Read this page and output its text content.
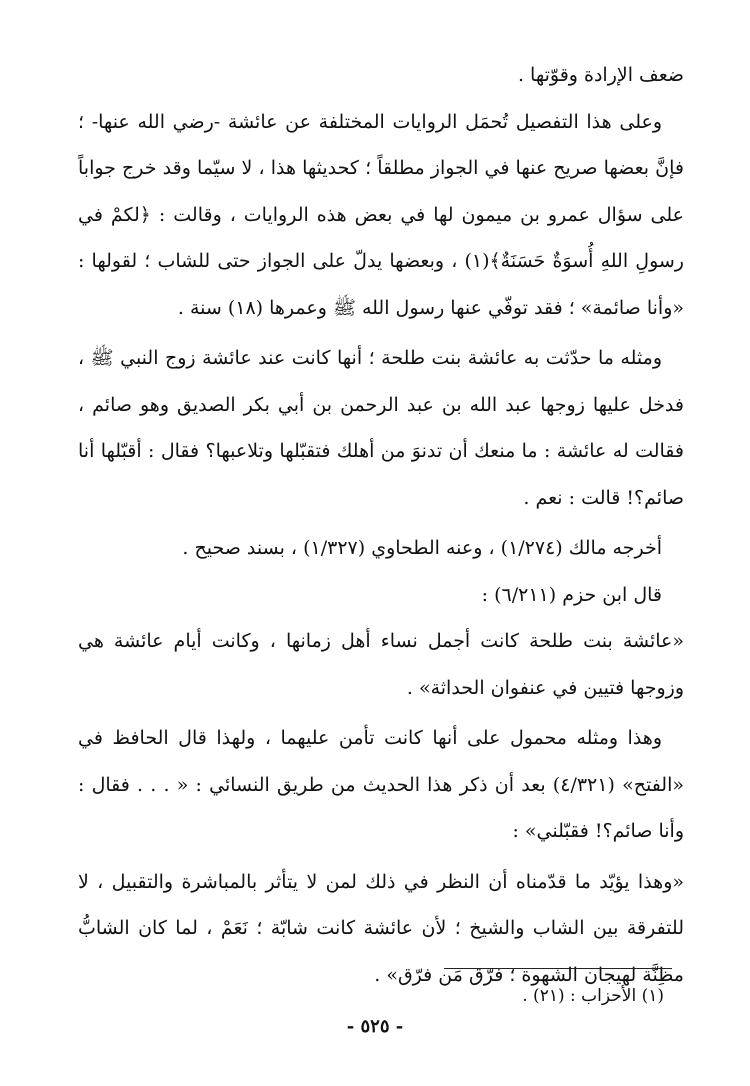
ضعف الإرادة وقوّتها .

وعلى هذا التفصيل تُحمَل الروايات المختلفة عن عائشة -رضي الله عنها- ؛ فإنَّ بعضها صريح عنها في الجواز مطلقاً ؛ كحديثها هذا ، لا سيّما وقد خرج جواباً على سؤال عمرو بن ميمون لها في بعض هذه الروايات ، وقالت : ﴿لكمْ في رسولِ اللهِ أُسوَةٌ حَسَنَةٌ﴾(١) ، وبعضها يدلّ على الجواز حتى للشاب ؛ لقولها : «وأنا صائمة» ؛ فقد توفّي عنها رسول الله ﷺ وعمرها (١٨) سنة .

ومثله ما حدّثت به عائشة بنت طلحة ؛ أنها كانت عند عائشة زوج النبي ﷺ ، فدخل عليها زوجها عبد الله بن عبد الرحمن بن أبي بكر الصديق وهو صائم ، فقالت له عائشة : ما منعك أن تدنوَ من أهلك فتقبّلها وتلاعبها؟ فقال : أقبّلها أنا صائم؟! قالت : نعم .

أخرجه مالك (١/٢٧٤) ، وعنه الطحاوي (١/٣٢٧) ، بسند صحيح .

قال ابن حزم (٦/٢١١) :

«عائشة بنت طلحة كانت أجمل نساء أهل زمانها ، وكانت أيام عائشة هي وزوجها فتيين في عنفوان الحداثة» .

وهذا ومثله محمول على أنها كانت تأمن عليهما ، ولهذا قال الحافظ في «الفتح» (٤/٣٢١) بعد أن ذكر هذا الحديث من طريق النسائي : « . . . فقال : وأنا صائم؟! فقبّلني» :

«وهذا يؤيّد ما قدّمناه أن النظر في ذلك لمن لا يتأثر بالمباشرة والتقبيل ، لا للتفرقة بين الشاب والشيخ ؛ لأن عائشة كانت شابّة ؛ نَعَمْ ، لما كان الشابُّ مظِنَّة لهيجان الشهوة ؛ فرّق مَن فرّق» .

(١) الأحزاب : (٢١) .

- ٥٢٥ -
